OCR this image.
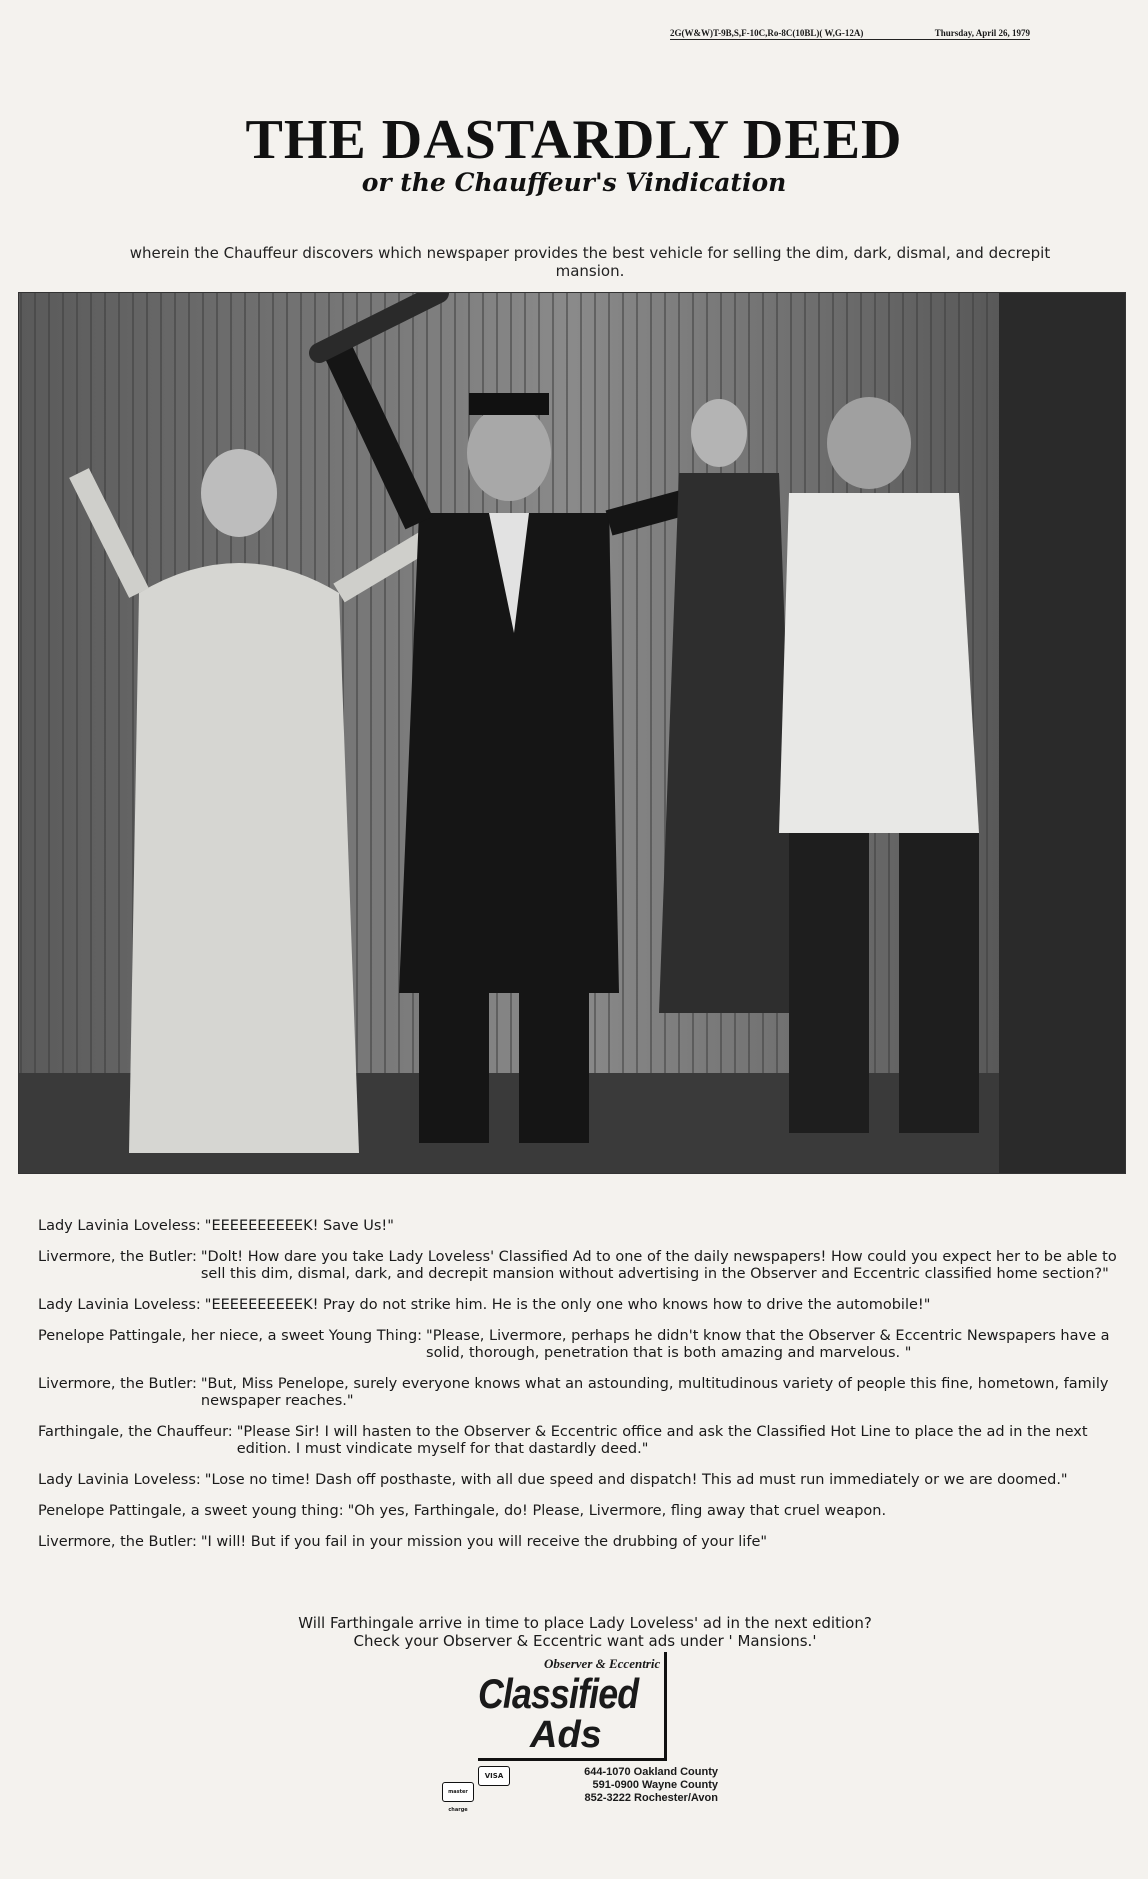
2G(W&W)T-9B,S,F-10C,Ro-8C(10BL)( W,G-12A)	Thursday, April 26, 1979
THE DASTARDLY DEED
or the Chauffeur's Vindication
wherein the Chauffeur discovers which newspaper provides the best vehicle for selling the dim, dark, dismal, and decrepit mansion.
Lady Lavinia Loveless: "EEEEEEEEEEK! Save Us!"
Livermore, the Butler: "Dolt! How dare you take Lady Loveless' Classified Ad to one of the daily newspapers! How could you expect her to be able to sell this dim, dismal, dark, and decrepit mansion without advertising in the Observer and Eccentric classified home section?"
Lady Lavinia Loveless: "EEEEEEEEEEK! Pray do not strike him. He is the only one who knows how to drive the automobile!"
Penelope Pattingale, her niece, a sweet Young Thing: "Please, Livermore, perhaps he didn't know that the Observer & Eccentric Newspapers have a solid, thorough, penetration that is both amazing and marvelous. "
Livermore, the Butler: "But, Miss Penelope, surely everyone knows what an astounding, multitudinous variety of people this fine, hometown, family newspaper reaches."
Farthingale, the Chauffeur: "Please Sir! I will hasten to the Observer & Eccentric office and ask the Classified Hot Line to place the ad in the next edition. I must vindicate myself for that dastardly deed."
Lady Lavinia Loveless: "Lose no time! Dash off posthaste, with all due speed and dispatch! This ad must run immediately or we are doomed."
Penelope Pattingale, a sweet young thing: "Oh yes, Farthingale, do! Please, Livermore, fling away that cruel weapon.
Livermore, the Butler: "I will! But if you fail in your mission you will receive the drubbing of your life"
Will Farthingale arrive in time to place Lady Loveless' ad in the next edition?
Check your Observer & Eccentric want ads under ' Mansions.'
Observer & Eccentric
Classified
Ads
VISA
master charge
644-1070 Oakland County
591-0900 Wayne County
852-3222 Rochester/Avon
